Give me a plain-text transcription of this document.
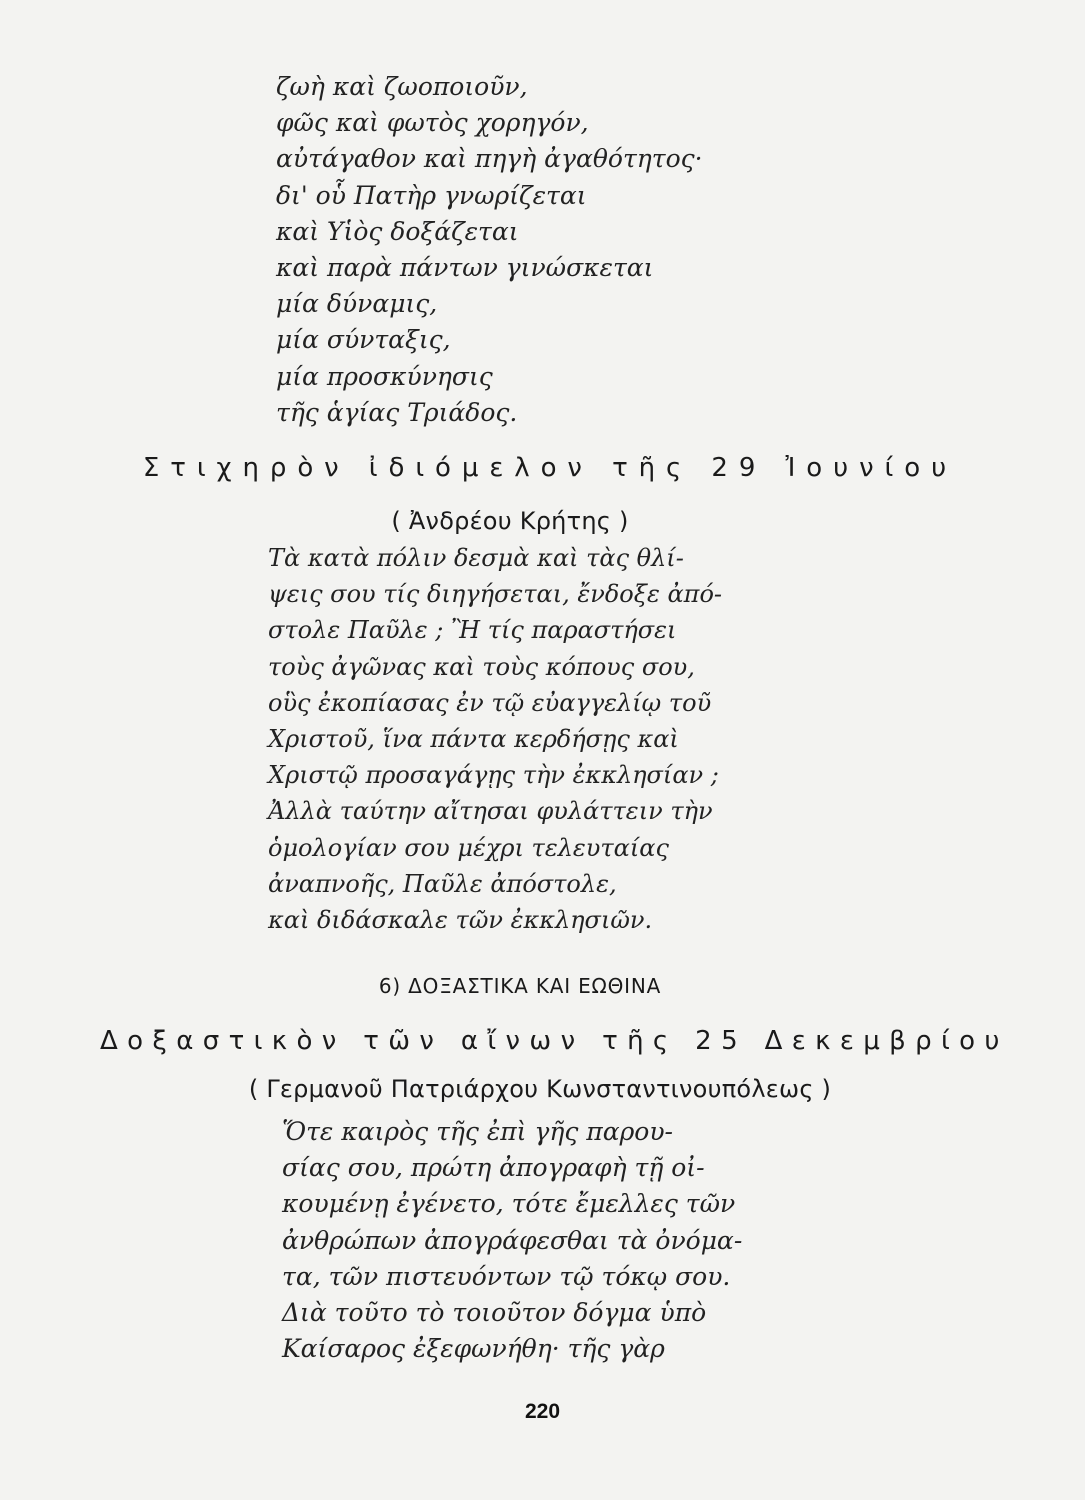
ζωὴ καὶ ζωοποιοῦν,
φῶς καὶ φωτὸς χορηγόν,
αὐτάγαθον καὶ πηγὴ ἀγαθότητος·
δι' οὗ Πατὴρ γνωρίζεται
καὶ Υἱὸς δοξάζεται
καὶ παρὰ πάντων γινώσκεται
μία δύναμις,
μία σύνταξις,
μία προσκύνησις
τῆς ἁγίας Τριάδος.
Στιχηρὸν ἰδιόμελον τῆς 29 Ἰουνίου
( Ἀνδρέου Κρήτης )
Τὰ κατὰ πόλιν δεσμὰ καὶ τὰς θλί-
ψεις σου τίς διηγήσεται, ἔνδοξε ἀπό-
στολε Παῦλε ; Ἢ τίς παραστήσει
τοὺς ἀγῶνας καὶ τοὺς κόπους σου,
οὓς ἐκοπίασας ἐν τῷ εὐαγγελίῳ τοῦ
Χριστοῦ, ἵνα πάντα κερδήσῃς καὶ
Χριστῷ προσαγάγῃς τὴν ἐκκλησίαν ;
Ἀλλὰ ταύτην αἴτησαι φυλάττειν τὴν
ὁμολογίαν σου μέχρι τελευταίας
ἀναπνοῆς, Παῦλε ἀπόστολε,
καὶ διδάσκαλε τῶν ἐκκλησιῶν.
6) ΔΟΞΑΣΤΙΚΑ ΚΑΙ ΕΩΘΙΝΑ
Δοξαστικὸν τῶν αἴνων τῆς 25 Δεκεμβρίου
( Γερμανοῦ Πατριάρχου Κωνσταντινουπόλεως )
Ὅτε καιρὸς τῆς ἐπὶ γῆς παρου-
σίας σου, πρώτη ἀπογραφὴ τῇ οἰ-
κουμένῃ ἐγένετο, τότε ἔμελλες τῶν
ἀνθρώπων ἀπογράφεσθαι τὰ ὀνόμα-
τα, τῶν πιστευόντων τῷ τόκῳ σου.
Διὰ τοῦτο τὸ τοιοῦτον δόγμα ὑπὸ
Καίσαρος ἐξεφωνήθη· τῆς γὰρ
220
